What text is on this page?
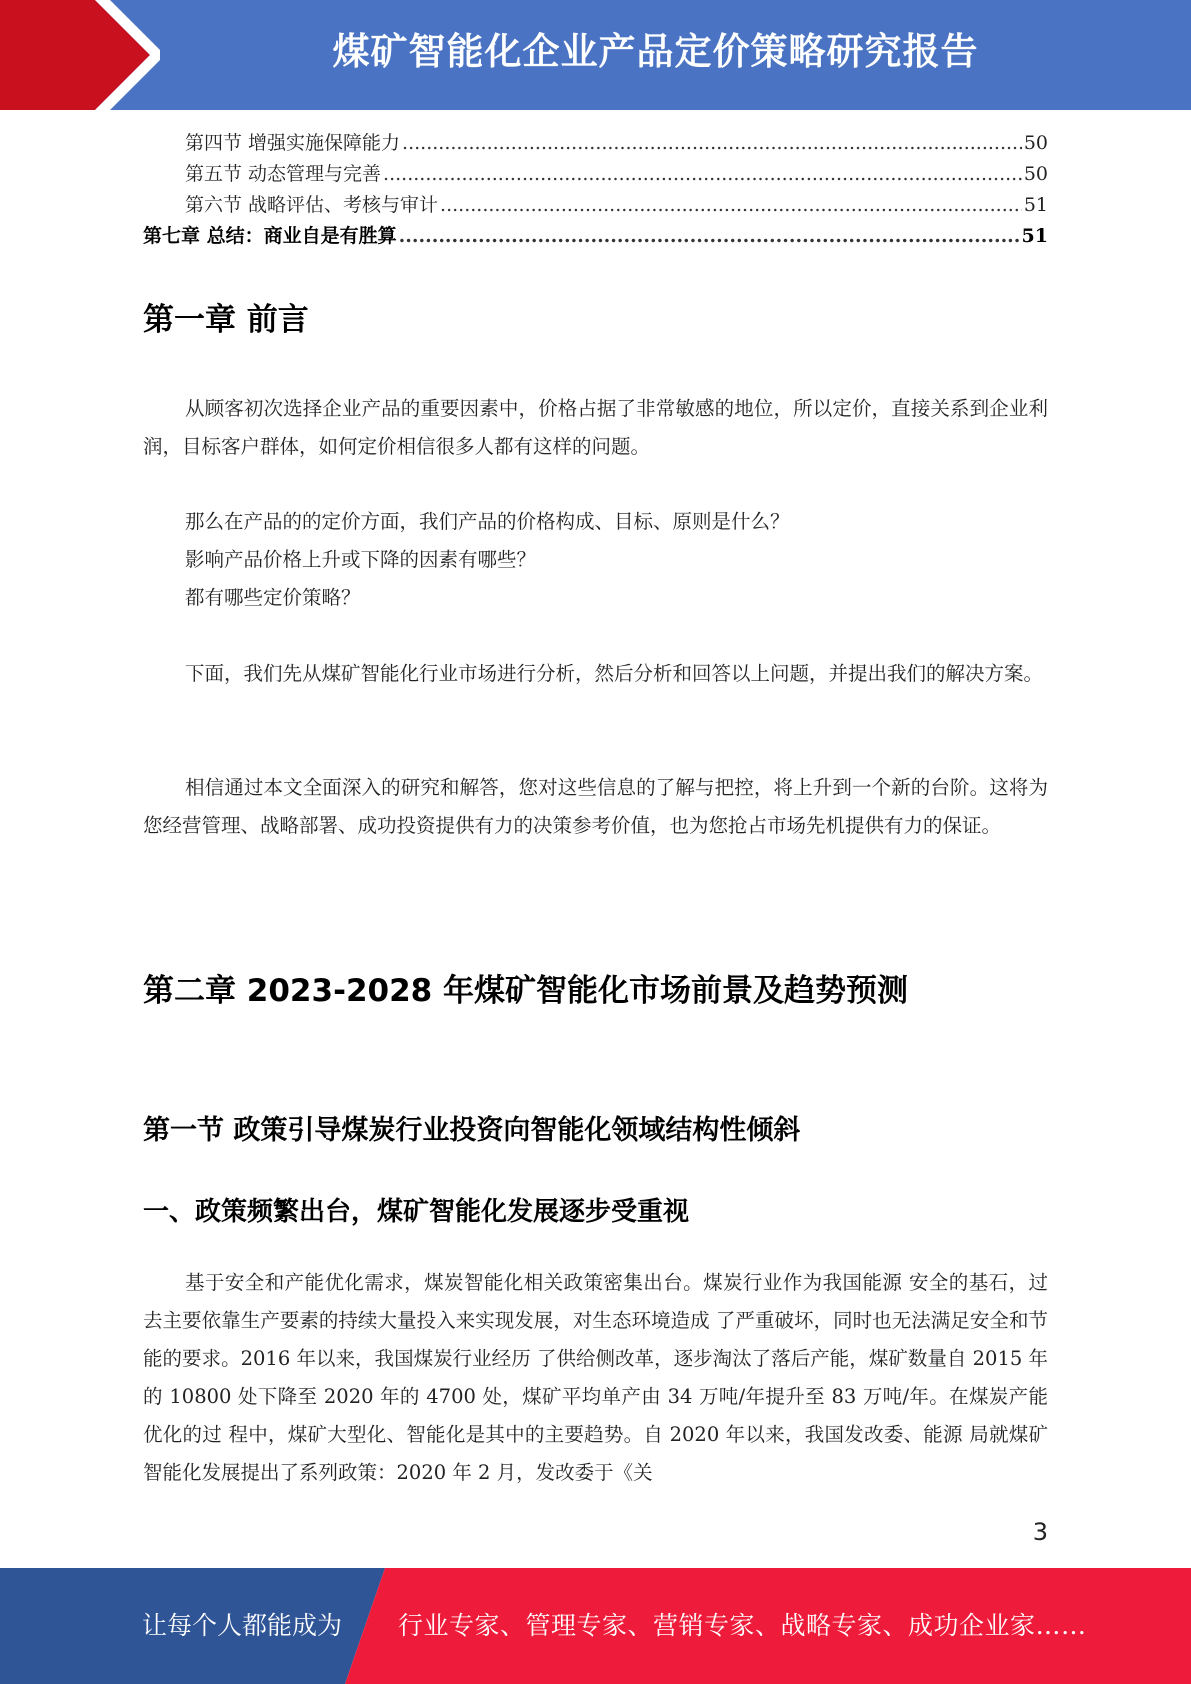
煤矿智能化企业产品定价策略研究报告
第四节 增强实施保障能力 .....	50
第五节 动态管理与完善 .....	50
第六节 战略评估、考核与审计 .....	51
第七章 总结：商业自是有胜算 .....	51
第一章 前言

从顾客初次选择企业产品的重要因素中，价格占据了非常敏感的地位，所以定价，直接关系到企业利润，目标客户群体，如何定价相信很多人都有这样的问题。

那么在产品的的定价方面，我们产品的价格构成、目标、原则是什么？

影响产品价格上升或下降的因素有哪些？

都有哪些定价策略？

下面，我们先从煤矿智能化行业市场进行分析，然后分析和回答以上问题，并提出我们的解决方案。

相信通过本文全面深入的研究和解答，您对这些信息的了解与把控，将上升到一个新的台阶。这将为您经营管理、战略部署、成功投资提供有力的决策参考价值，也为您抢占市场先机提供有力的保证。

第二章 2023-2028 年煤矿智能化市场前景及趋势预测
第一节 政策引导煤炭行业投资向智能化领域结构性倾斜
一、政策频繁出台，煤矿智能化发展逐步受重视

基于安全和产能优化需求，煤炭智能化相关政策密集出台。煤炭行业作为我国能源 安全的基石，过去主要依靠生产要素的持续大量投入来实现发展，对生态环境造成 了严重破坏，同时也无法满足安全和节能的要求。2016 年以来，我国煤炭行业经历 了供给侧改革，逐步淘汰了落后产能，煤矿数量自 2015 年的 10800 处下降至 2020 年的 4700 处，煤矿平均单产由 34 万吨/年提升至 83 万吨/年。在煤炭产能优化的过 程中，煤矿大型化、智能化是其中的主要趋势。自 2020 年以来，我国发改委、能源 局就煤矿智能化发展提出了系列政策：2020 年 2 月，发改委于《关

3
让每个人都能成为 行业专家、管理专家、营销专家、战略专家、成功企业家……
